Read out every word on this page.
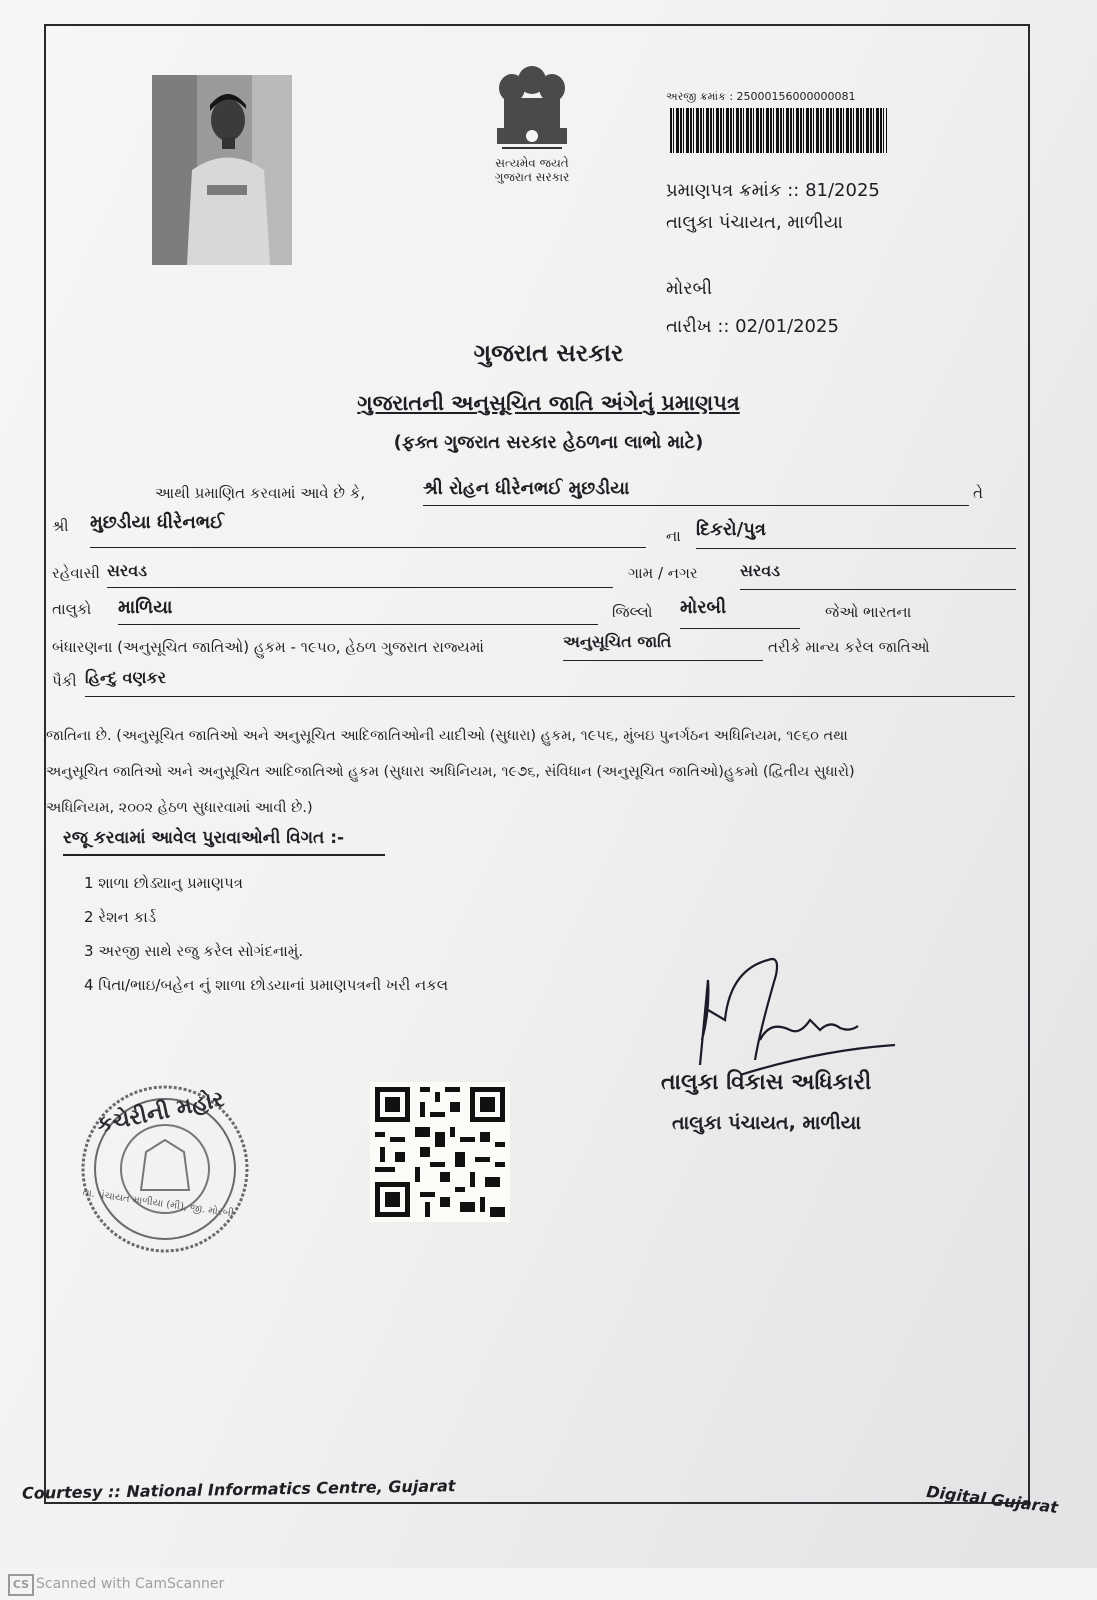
સત્યમેવ જયતે
ગુજરાત સરકાર
અરજી ક્રમાંક : 25000156000000081
પ્રમાણપત્ર ક્રમાંક :: 81/2025
તાલુકા પંચાયત, માળીયા
મોરબી
તારીખ :: 02/01/2025
ગુજરાત સરકાર
ગુજરાતની અનુસૂચિત જાતિ અંગેનું પ્રમાણપત્ર
(ફક્ત ગુજરાત સરકાર હેઠળના લાભો માટે)
આથી પ્રમાણિત કરવામાં આવે છે કે,	શ્રી રોહન ધીરેનભઈ મુછડીયા	તે
શ્રી મુછડીયા ધીરેનભઈ
ના દિકરો/પુત્ર
રહેવાસી સરવડ	ગામ / નગર	સરવડ
તાલુકો માળિયા	જિલ્લો મોરબી	જેઓ ભારતના
બંધારણના (અનુસૂચિત જાતિઓ) હુકમ - ૧૯૫૦, હેઠળ ગુજરાત રાજ્યમાં	અનુસૂચિત જાતિ	તરીકે માન્ય કરેલ જાતિઓ
પૈકી હિન્દુ વણકર
જાતિના છે. (અનુસૂચિત જાતિઓ અને અનુસૂચિત આદિજાતિઓની યાદીઓ (સુધારા) હુકમ, ૧૯૫૬, મુંબઇ પુનર્ગઠન અધિનિયમ, ૧૯૬૦ તથા
અનુસૂચિત જાતિઓ અને અનુસૂચિત આદિજાતિઓ હુકમ (સુધારા અધિનિયમ, ૧૯૭૬, સંવિધાન (અનુસૂચિત જાતિઓ)હુકમો (દ્વિતીય સુધારો)
અધિનિયમ, ૨૦૦૨ હેઠળ સુધારવામાં આવી છે.)
રજૂ કરવામાં આવેલ પુરાવાઓની વિગત :-
1 શાળા છોડ્યાનુ પ્રમાણપત્ર
2 રેશન કાર્ડ
3 અરજી સાથે રજુ કરેલ સોગંદનામું.
4 પિતા/ભાઇ/બહેન નું શાળા છોડયાનાં પ્રમાણપત્રની ખરી નકલ
તાલુકા વિકાસ અધિકારી
તાલુકા પંચાયત, માળીયા
કચેરીની મહોર
તા. પંચાયત માળીયા (મી), જી. મોરબી
Courtesy :: National Informatics Centre, Gujarat	Digital Gujarat
CS Scanned with CamScanner
